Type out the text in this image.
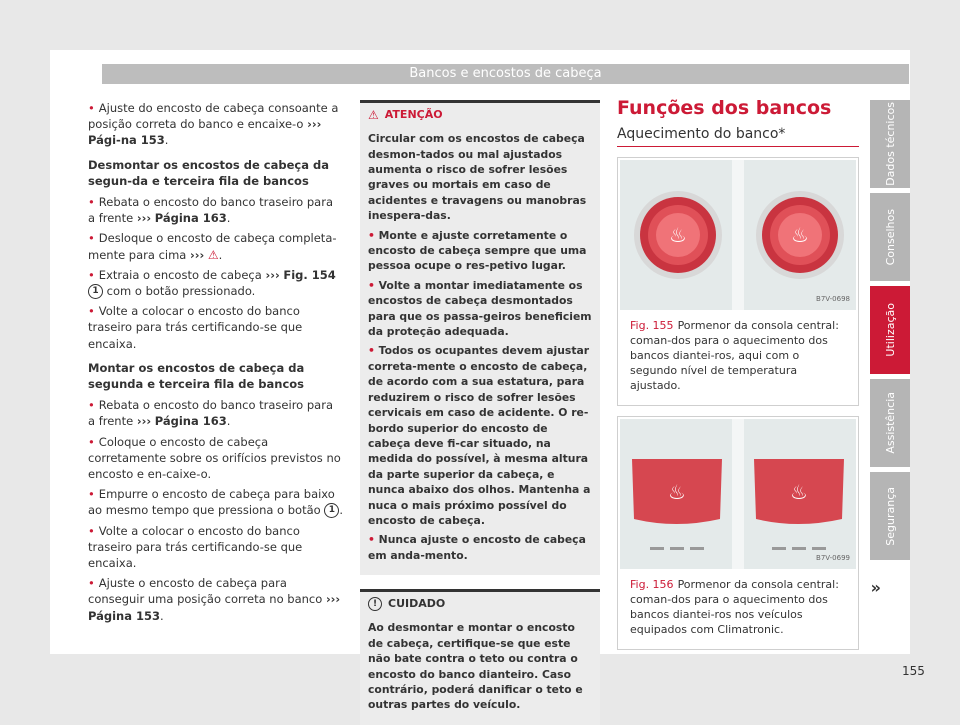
Bancos e encostos de cabeça
• Ajuste do encosto de cabeça consoante a posição correta do banco e encaixe-o ››› Pági-na 153.
Desmontar os encostos de cabeça da segun-da e terceira fila de bancos
• Rebata o encosto do banco traseiro para a frente ››› Página 163.
• Desloque o encosto de cabeça completa-mente para cima ››› ⚠.
• Extraia o encosto de cabeça ››› Fig. 154 1 com o botão pressionado.
• Volte a colocar o encosto do banco traseiro para trás certificando-se que encaixa.
Montar os encostos de cabeça da segunda e terceira fila de bancos
• Rebata o encosto do banco traseiro para a frente ››› Página 163.
• Coloque o encosto de cabeça corretamente sobre os orifícios previstos no encosto e en-caixe-o.
• Empurre o encosto de cabeça para baixo ao mesmo tempo que pressiona o botão 1 .
• Volte a colocar o encosto do banco traseiro para trás certificando-se que encaixa.
• Ajuste o encosto de cabeça para conseguir uma posição correta no banco ››› Página 153.
⚠ ATENÇÃO

Circular com os encostos de cabeça desmon-tados ou mal ajustados aumenta o risco de sofrer lesões graves ou mortais em caso de acidentes e travagens ou manobras inespera-das.

• Monte e ajuste corretamente o encosto de cabeça sempre que uma pessoa ocupe o res-petivo lugar.

• Volte a montar imediatamente os encostos de cabeça desmontados para que os passa-geiros beneficiem da proteção adequada.

• Todos os ocupantes devem ajustar correta-mente o encosto de cabeça, de acordo com a sua estatura, para reduzirem o risco de sofrer lesões cervicais em caso de acidente. O re-bordo superior do encosto de cabeça deve fi-car situado, na medida do possível, à mesma altura da parte superior da cabeça, e nunca abaixo dos olhos. Mantenha a nuca o mais próximo possível do encosto de cabeça.

• Nunca ajuste o encosto de cabeça em anda-mento.

! CUIDADO

Ao desmontar e montar o encosto de cabeça, certifique-se que este não bate contra o teto ou contra o encosto do banco dianteiro. Caso contrário, poderá danificar o teto e outras partes do veículo.

Funções dos bancos
Aquecimento do banco*
♨	♨
B7V-0698
Fig. 155 Pormenor da consola central: coman-dos para o aquecimento dos bancos diantei-ros, aqui com o segundo nível de temperatura ajustado.
♨	♨
B7V-0699
Fig. 156 Pormenor da consola central: coman-dos para o aquecimento dos bancos diantei-ros nos veículos equipados com Climatronic.
»
155
Dados técnicos
Conselhos
Utilização
Assistência
Segurança
